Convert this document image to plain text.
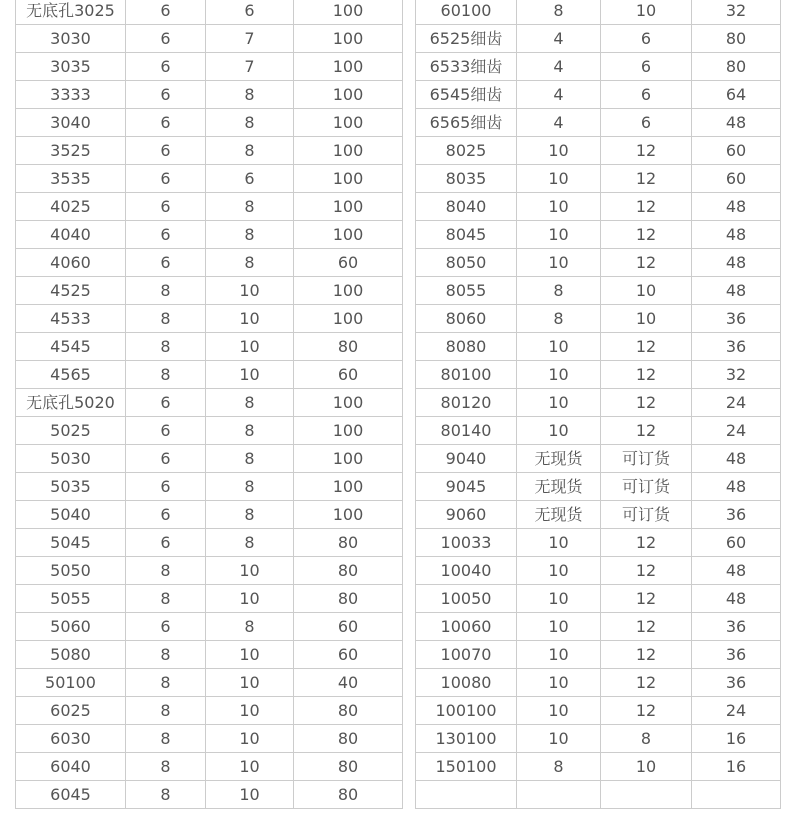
无底孔3025	6	6	100
3030	6	7	100
3035	6	7	100
3333	6	8	100
3040	6	8	100
3525	6	8	100
3535	6	6	100
4025	6	8	100
4040	6	8	100
4060	6	8	60
4525	8	10	100
4533	8	10	100
4545	8	10	80
4565	8	10	60
无底孔5020	6	8	100
5025	6	8	100
5030	6	8	100
5035	6	8	100
5040	6	8	100
5045	6	8	80
5050	8	10	80
5055	8	10	80
5060	6	8	60
5080	8	10	60
50100	8	10	40
6025	8	10	80
6030	8	10	80
6040	8	10	80
6045	8	10	80
60100	8	10	32
6525细齿	4	6	80
6533细齿	4	6	80
6545细齿	4	6	64
6565细齿	4	6	48
8025	10	12	60
8035	10	12	60
8040	10	12	48
8045	10	12	48
8050	10	12	48
8055	8	10	48
8060	8	10	36
8080	10	12	36
80100	10	12	32
80120	10	12	24
80140	10	12	24
9040	无现货	可订货	48
9045	无现货	可订货	48
9060	无现货	可订货	36
10033	10	12	60
10040	10	12	48
10050	10	12	48
10060	10	12	36
10070	10	12	36
10080	10	12	36
100100	10	12	24
130100	10	8	16
150100	8	10	16
